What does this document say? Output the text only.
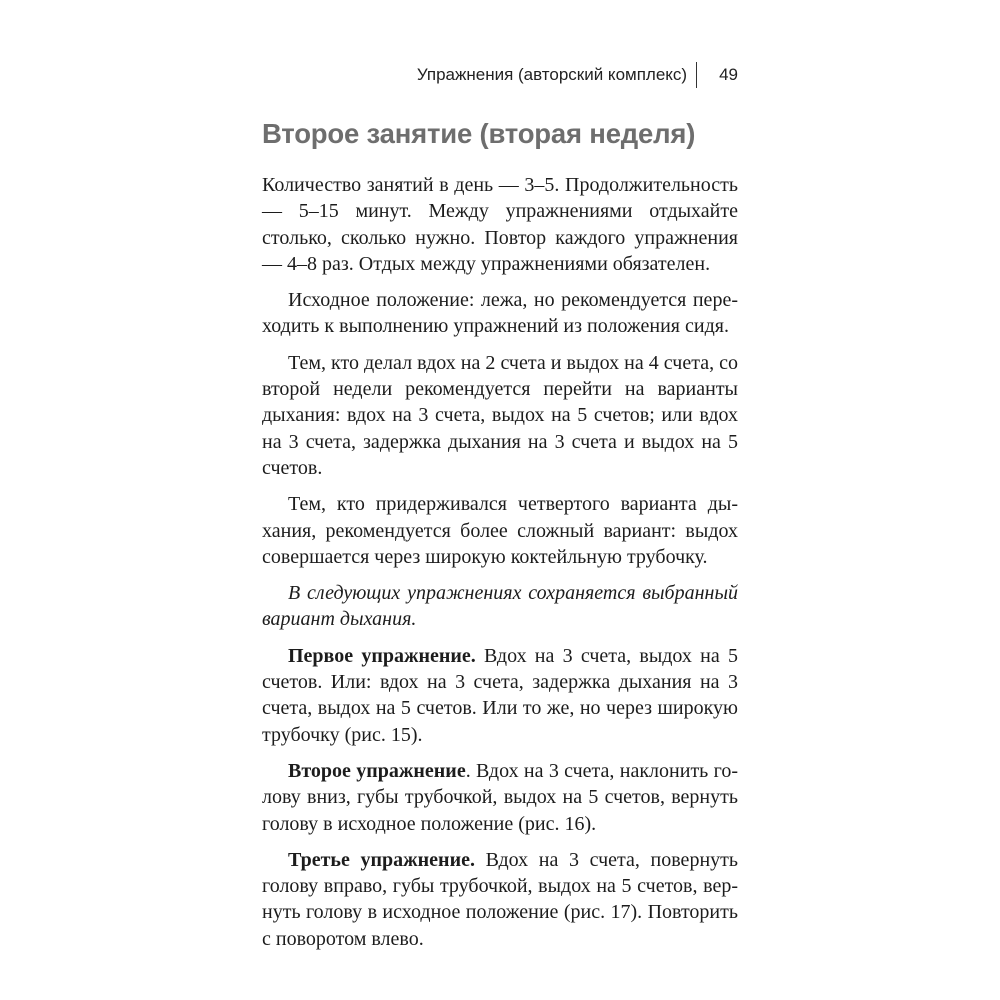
Упражнения (авторский комплекс)	49
Второе занятие (вторая неделя)

Количество занятий в день — 3–5. Продолжительность — 5–15 минут. Между упражнениями отдыхайте столько, сколько нужно. Повтор каждого упражнения — 4–8 раз. Отдых между упражнениями обязателен.

Исходное положение: лежа, но рекомендуется переходить к выполнению упражнений из положения сидя.

Тем, кто делал вдох на 2 счета и выдох на 4 счета, со второй недели рекомендуется перейти на варианты дыхания: вдох на 3 счета, выдох на 5 счетов; или вдох на 3 счета, задержка дыхания на 3 счета и выдох на 5 счетов.

Тем, кто придерживался четвертого варианта дыхания, рекомендуется более сложный вариант: выдох совершается через широкую коктейльную трубочку.

В следующих упражнениях сохраняется выбранный вариант дыхания.

Первое упражнение. Вдох на 3 счета, выдох на 5 счетов. Или: вдох на 3 счета, задержка дыхания на 3 счета, выдох на 5 счетов. Или то же, но через широкую трубочку (рис. 15).

Второе упражнение. Вдох на 3 счета, наклонить голову вниз, губы трубочкой, выдох на 5 счетов, вернуть голову в исходное положение (рис. 16).

Третье упражнение. Вдох на 3 счета, повернуть голову вправо, губы трубочкой, выдох на 5 счетов, вернуть голову в исходное положение (рис. 17). Повторить с поворотом влево.
